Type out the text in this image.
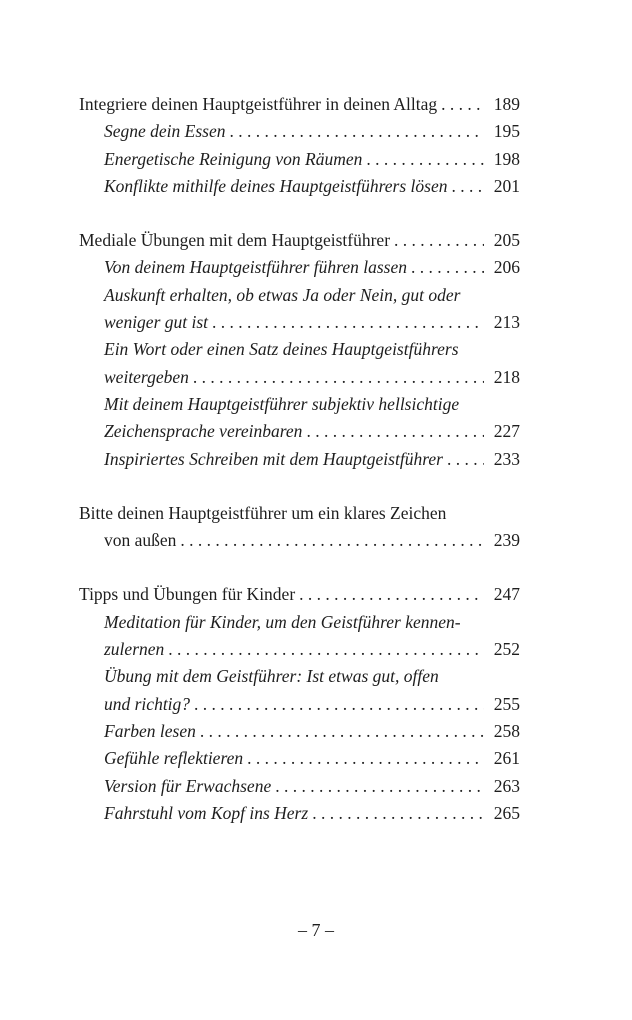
Integriere deinen Hauptgeistführer in deinen Alltag . . .	189
Segne dein Essen . . .	195
Energetische Reinigung von Räumen . . .	198
Konflikte mithilfe deines Hauptgeistführers lösen . . .	201
Mediale Übungen mit dem Hauptgeistführer . . .	205
Von deinem Hauptgeistführer führen lassen . . .	206
Auskunft erhalten, ob etwas Ja oder Nein, gut oder
weniger gut ist . . .	213
Ein Wort oder einen Satz deines Hauptgeistführers
weitergeben . . .	218
Mit deinem Hauptgeistführer subjektiv hellsichtige
Zeichensprache vereinbaren . . .	227
Inspiriertes Schreiben mit dem Hauptgeistführer . . .	233
Bitte deinen Hauptgeistführer um ein klares Zeichen
von außen . . .	239
Tipps und Übungen für Kinder . . .	247
Meditation für Kinder, um den Geistführer kennen-
zulernen . . .	252
Übung mit dem Geistführer: Ist etwas gut, offen
und richtig? . . .	255
Farben lesen . . .	258
Gefühle reflektieren . . .	261
Version für Erwachsene . . .	263
Fahrstuhl vom Kopf ins Herz . . .	265
– 7 –
